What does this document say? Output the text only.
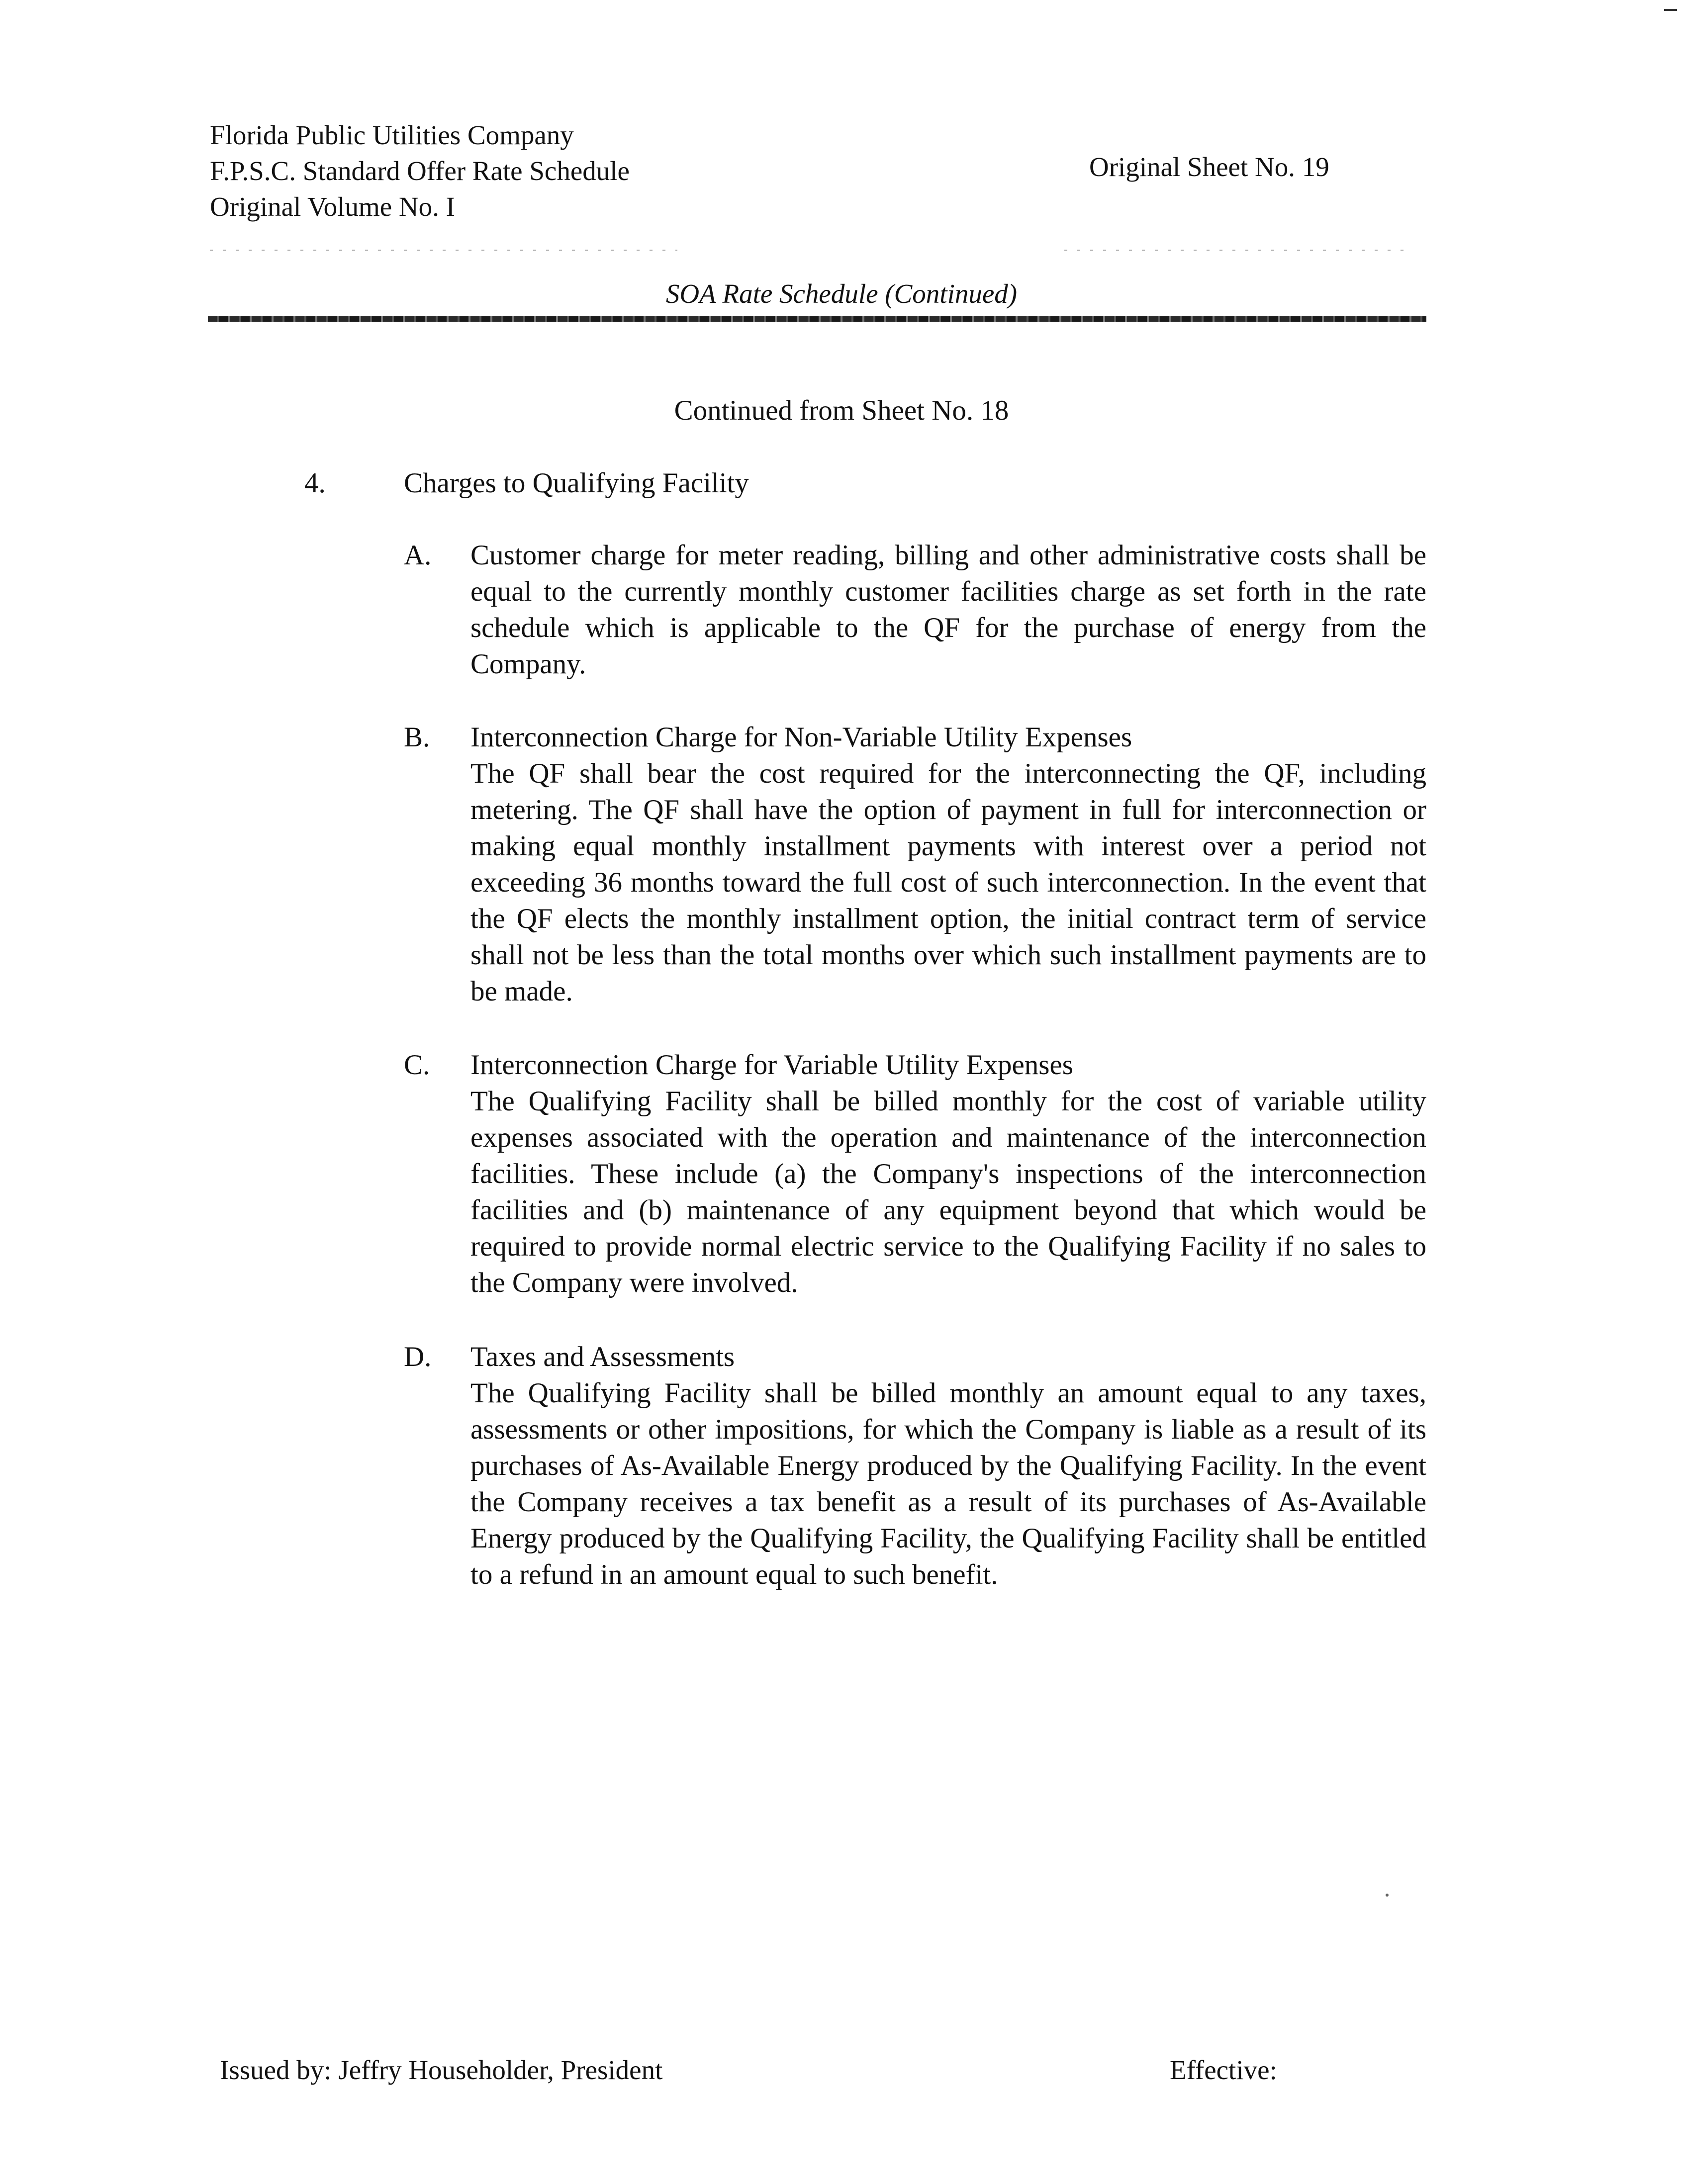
Florida Public Utilities Company
F.P.S.C. Standard Offer Rate Schedule
Original Volume No. I
Original Sheet No. 19
SOA Rate Schedule (Continued)
Continued from Sheet No. 18
4.	Charges to Qualifying Facility
A. Customer charge for meter reading, billing and other administrative costs shall be equal to the currently monthly customer facilities charge as set forth in the rate schedule which is applicable to the QF for the purchase of energy from the Company.
B. Interconnection Charge for Non-Variable Utility Expenses
The QF shall bear the cost required for the interconnecting the QF, including metering. The QF shall have the option of payment in full for interconnection or making equal monthly installment payments with interest over a period not exceeding 36 months toward the full cost of such interconnection. In the event that the QF elects the monthly installment option, the initial contract term of service shall not be less than the total months over which such installment payments are to be made.
C. Interconnection Charge for Variable Utility Expenses
The Qualifying Facility shall be billed monthly for the cost of variable utility expenses associated with the operation and maintenance of the interconnection facilities. These include (a) the Company's inspections of the interconnection facilities and (b) maintenance of any equipment beyond that which would be required to provide normal electric service to the Qualifying Facility if no sales to the Company were involved.
D. Taxes and Assessments
The Qualifying Facility shall be billed monthly an amount equal to any taxes, assessments or other impositions, for which the Company is liable as a result of its purchases of As-Available Energy produced by the Qualifying Facility. In the event the Company receives a tax benefit as a result of its purchases of As-Available Energy produced by the Qualifying Facility, the Qualifying Facility shall be entitled to a refund in an amount equal to such benefit.
Issued by: Jeffry Householder, President	Effective:
